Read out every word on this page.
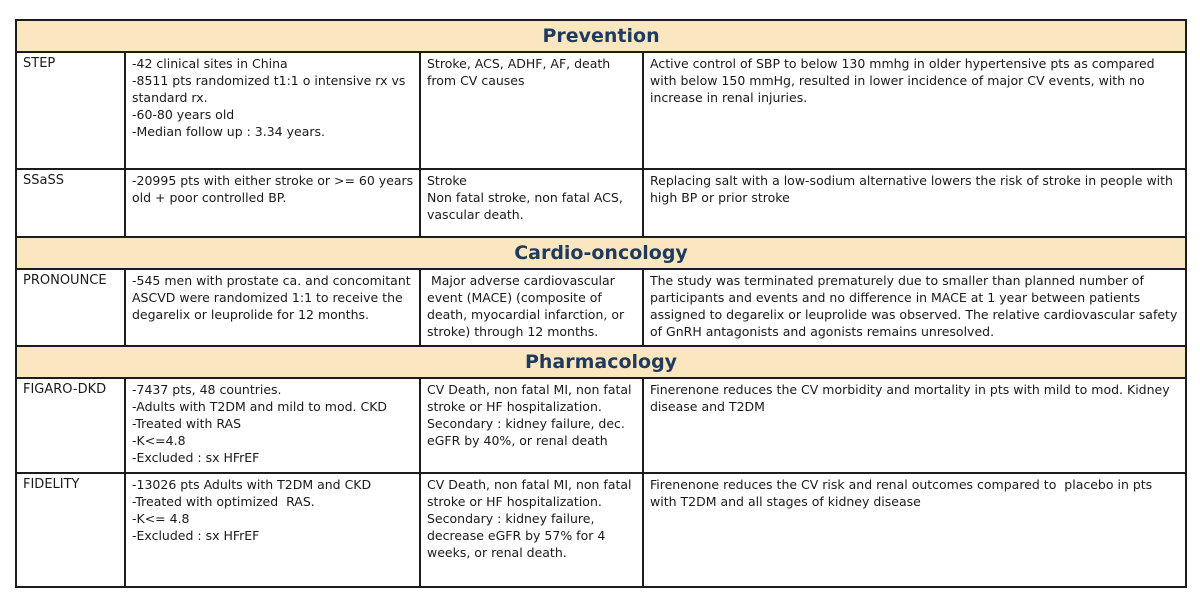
Prevention			
STEP	-42 clinical sites in China
-8511 pts randomized t1:1 o intensive rx vs standard rx.
-60-80 years old
-Median follow up : 3.34 years.	Stroke, ACS, ADHF, AF, death from CV causes	Active control of SBP to below 130 mmhg in older hypertensive pts as compared with below 150 mmHg, resulted in lower incidence of major CV events, with no increase in renal injuries.

SSaSS	-20995 pts with either stroke or >= 60 years old + poor controlled BP.	Stroke
Non fatal stroke, non fatal ACS, vascular death.	Replacing salt with a low-sodium alternative lowers the risk of stroke in people with high BP or prior stroke

Cardio-oncology			
PRONOUNCE	-545 men with prostate ca. and concomitant ASCVD were randomized 1:1 to receive the degarelix or leuprolide for 12 months.	Major adverse cardiovascular event (MACE) (composite of death, myocardial infarction, or stroke) through 12 months.	The study was terminated prematurely due to smaller than planned number of participants and events and no difference in MACE at 1 year between patients assigned to degarelix or leuprolide was observed. The relative cardiovascular safety of GnRH antagonists and agonists remains unresolved.

Pharmacology			
FIGARO-DKD	-7437 pts, 48 countries.
-Adults with T2DM and mild to mod. CKD
-Treated with RAS
-K<=4.8
-Excluded : sx HFrEF	CV Death, non fatal MI, non fatal stroke or HF hospitalization.
Secondary : kidney failure, dec. eGFR by 40%, or renal death	Finerenone reduces the CV morbidity and mortality in pts with mild to mod. Kidney disease and T2DM

FIDELITY	-13026 pts Adults with T2DM and CKD
-Treated with optimized  RAS.
-K<= 4.8
-Excluded : sx HFrEF	CV Death, non fatal MI, non fatal stroke or HF hospitalization.
Secondary : kidney failure, decrease eGFR by 57% for 4 weeks, or renal death.	Firenenone reduces the CV risk and renal outcomes compared to  placebo in pts with T2DM and all stages of kidney disease
